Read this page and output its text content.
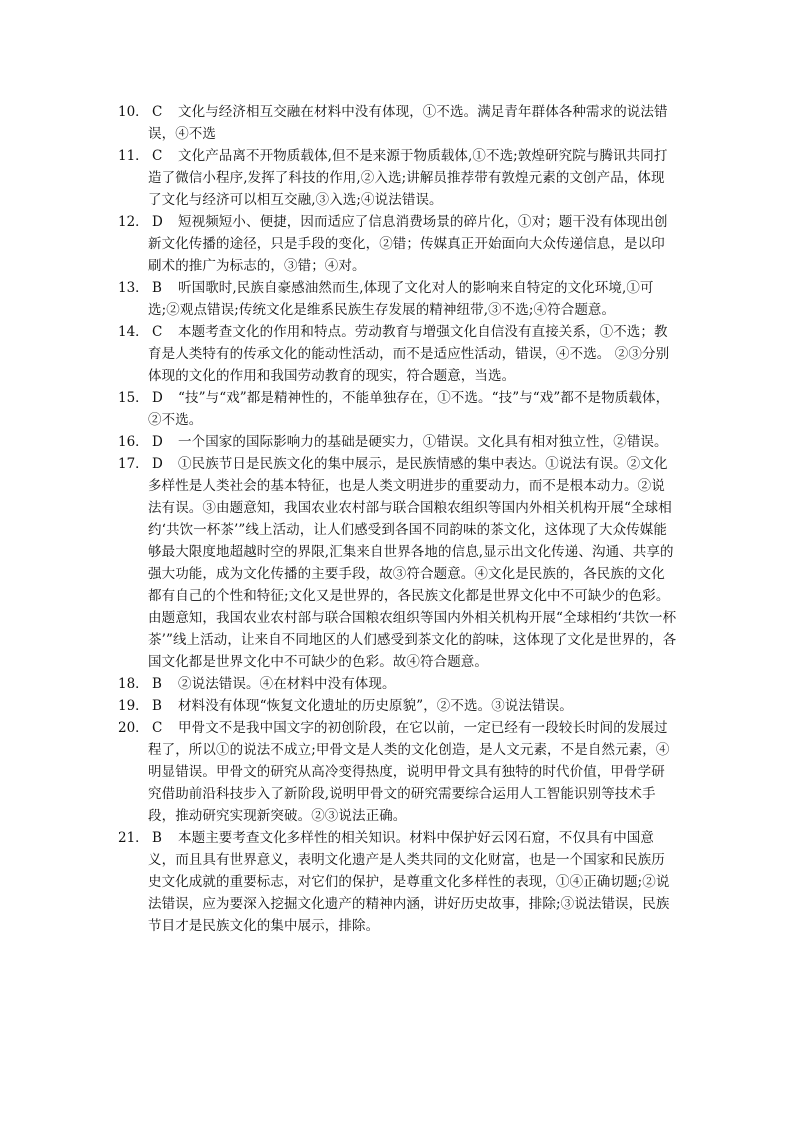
10． C 文化与经济相互交融在材料中没有体现，①不选。满足青年群体各种需求的说法错误，④不选
11． C 文化产品离不开物质载体,但不是来源于物质载体,①不选;敦煌研究院与腾讯共同打造了微信小程序,发挥了科技的作用,②入选;讲解员推荐带有敦煌元素的文创产品，体现了文化与经济可以相互交融,③入选;④说法错误。
12． D 短视频短小、便捷，因而适应了信息消费场景的碎片化，①对；题干没有体现出创新文化传播的途径，只是手段的变化，②错；传媒真正开始面向大众传递信息，是以印刷术的推广为标志的，③错；④对。
13． B 听国歌时,民族自豪感油然而生,体现了文化对人的影响来自特定的文化环境,①可选;②观点错误;传统文化是维系民族生存发展的精神纽带,③不选;④符合题意。
14． C 本题考查文化的作用和特点。劳动教育与增强文化自信没有直接关系，①不选；教育是人类特有的传承文化的能动性活动，而不是适应性活动，错误，④不选。 ②③分别体现的文化的作用和我国劳动教育的现实，符合题意，当选。
15． D “技”与“戏”都是精神性的，不能单独存在，①不选。“技”与“戏”都不是物质载体，②不选。
16． D 一个国家的国际影响力的基础是硬实力，①错误。文化具有相对独立性，②错误。
17． D ①民族节日是民族文化的集中展示，是民族情感的集中表达。①说法有误。②文化多样性是人类社会的基本特征，也是人类文明进步的重要动力，而不是根本动力。②说法有误。③由题意知，我国农业农村部与联合国粮农组织等国内外相关机构开展“全球相约‘共饮一杯茶’”线上活动，让人们感受到各国不同韵味的茶文化，这体现了大众传媒能够最大限度地超越时空的界限,汇集来自世界各地的信息,显示出文化传递、沟通、共享的强大功能，成为文化传播的主要手段，故③符合题意。④文化是民族的，各民族的文化都有自己的个性和特征;文化又是世界的，各民族文化都是世界文化中不可缺少的色彩。由题意知，我国农业农村部与联合国粮农组织等国内外相关机构开展“全球相约‘共饮一杯茶’”线上活动，让来自不同地区的人们感受到茶文化的韵味，这体现了文化是世界的，各国文化都是世界文化中不可缺少的色彩。故④符合题意。
18． B ②说法错误。④在材料中没有体现。
19． B 材料没有体现“恢复文化遗址的历史原貌”，②不选。③说法错误。
20． C 甲骨文不是我中国文字的初创阶段，在它以前，一定已经有一段较长时间的发展过程了，所以①的说法不成立;甲骨文是人类的文化创造，是人文元素，不是自然元素，④明显错误。甲骨文的研究从高冷变得热度，说明甲骨文具有独特的时代价值，甲骨学研究借助前沿科技步入了新阶段,说明甲骨文的研究需要综合运用人工智能识别等技术手段，推动研究实现新突破。②③说法正确。
21． B 本题主要考查文化多样性的相关知识。材料中保护好云冈石窟，不仅具有中国意义，而且具有世界意义，表明文化遗产是人类共同的文化财富，也是一个国家和民族历史文化成就的重要标志，对它们的保护，是尊重文化多样性的表现，①④正确切题;②说法错误，应为要深入挖掘文化遗产的精神内涵，讲好历史故事，排除;③说法错误，民族节目才是民族文化的集中展示，排除。
